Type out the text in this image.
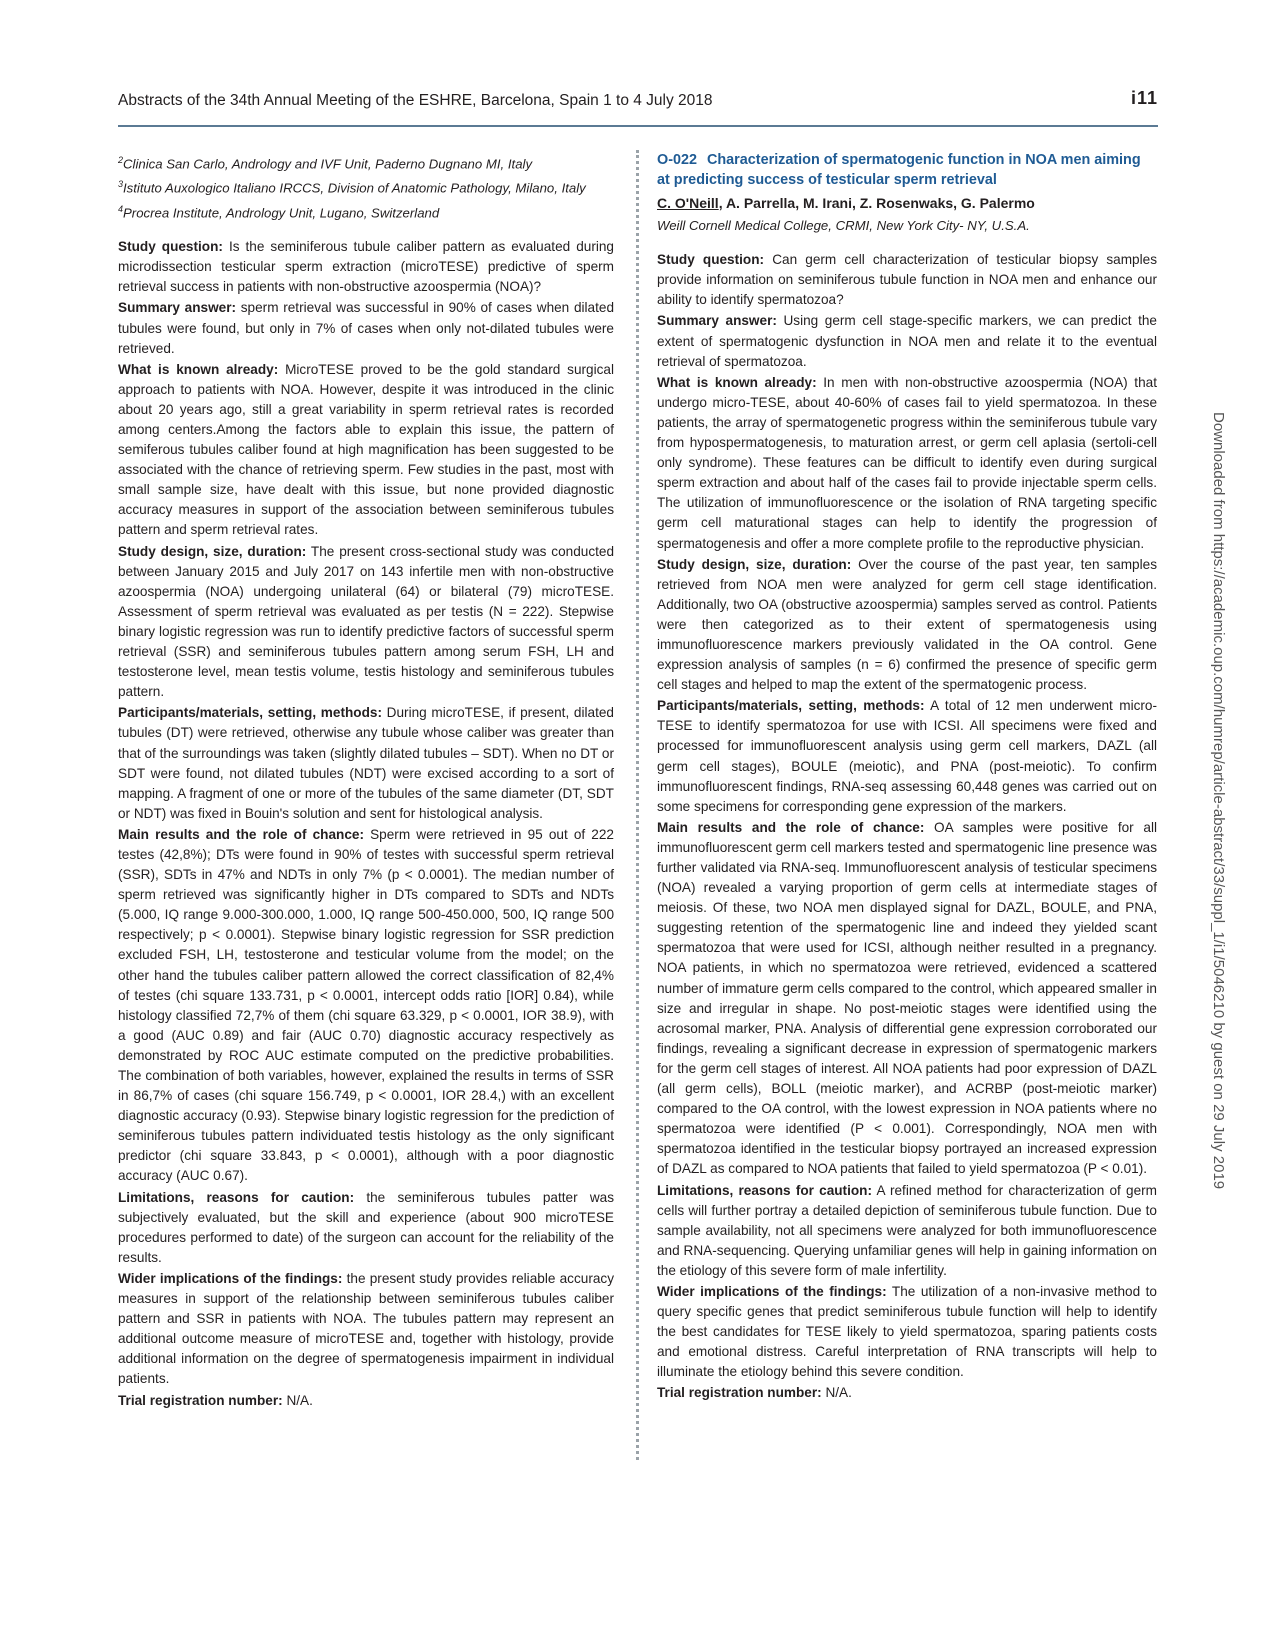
Abstracts of the 34th Annual Meeting of the ESHRE, Barcelona, Spain 1 to 4 July 2018	i11

$^2$Clinica San Carlo, Andrology and IVF Unit, Paderno Dugnano MI, Italy

$^3$Istituto Auxologico Italiano IRCCS, Division of Anatomic Pathology, Milano, Italy

$^4$Procrea Institute, Andrology Unit, Lugano, Switzerland

Study question: Is the seminiferous tubule caliber pattern as evaluated during microdissection testicular sperm extraction (microTESE) predictive of sperm retrieval success in patients with non-obstructive azoospermia (NOA)?

Summary answer: sperm retrieval was successful in 90% of cases when dilated tubules were found, but only in 7% of cases when only not-dilated tubules were retrieved.

What is known already: MicroTESE proved to be the gold standard surgical approach to patients with NOA. However, despite it was introduced in the clinic about 20 years ago, still a great variability in sperm retrieval rates is recorded among centers.Among the factors able to explain this issue, the pattern of semiferous tubules caliber found at high magnification has been suggested to be associated with the chance of retrieving sperm. Few studies in the past, most with small sample size, have dealt with this issue, but none provided diagnostic accuracy measures in support of the association between seminiferous tubules pattern and sperm retrieval rates.

Study design, size, duration: The present cross-sectional study was conducted between January 2015 and July 2017 on 143 infertile men with non-obstructive azoospermia (NOA) undergoing unilateral (64) or bilateral (79) microTESE. Assessment of sperm retrieval was evaluated as per testis (N = 222). Stepwise binary logistic regression was run to identify predictive factors of successful sperm retrieval (SSR) and seminiferous tubules pattern among serum FSH, LH and testosterone level, mean testis volume, testis histology and seminiferous tubules pattern.

Participants/materials, setting, methods: During microTESE, if present, dilated tubules (DT) were retrieved, otherwise any tubule whose caliber was greater than that of the surroundings was taken (slightly dilated tubules – SDT). When no DT or SDT were found, not dilated tubules (NDT) were excised according to a sort of mapping. A fragment of one or more of the tubules of the same diameter (DT, SDT or NDT) was fixed in Bouin's solution and sent for histological analysis.

Main results and the role of chance: Sperm were retrieved in 95 out of 222 testes (42,8%); DTs were found in 90% of testes with successful sperm retrieval (SSR), SDTs in 47% and NDTs in only 7% (p < 0.0001). The median number of sperm retrieved was significantly higher in DTs compared to SDTs and NDTs (5.000, IQ range 9.000-300.000, 1.000, IQ range 500-450.000, 500, IQ range 500 respectively; p < 0.0001). Stepwise binary logistic regression for SSR prediction excluded FSH, LH, testosterone and testicular volume from the model; on the other hand the tubules caliber pattern allowed the correct classification of 82,4% of testes (chi square 133.731, p < 0.0001, intercept odds ratio [IOR] 0.84), while histology classified 72,7% of them (chi square 63.329, p < 0.0001, IOR 38.9), with a good (AUC 0.89) and fair (AUC 0.70) diagnostic accuracy respectively as demonstrated by ROC AUC estimate computed on the predictive probabilities. The combination of both variables, however, explained the results in terms of SSR in 86,7% of cases (chi square 156.749, p < 0.0001, IOR 28.4,) with an excellent diagnostic accuracy (0.93). Stepwise binary logistic regression for the prediction of seminiferous tubules pattern individuated testis histology as the only significant predictor (chi square 33.843, p < 0.0001), although with a poor diagnostic accuracy (AUC 0.67).

Limitations, reasons for caution: the seminiferous tubules patter was subjectively evaluated, but the skill and experience (about 900 microTESE procedures performed to date) of the surgeon can account for the reliability of the results.

Wider implications of the findings: the present study provides reliable accuracy measures in support of the relationship between seminiferous tubules caliber pattern and SSR in patients with NOA. The tubules pattern may represent an additional outcome measure of microTESE and, together with histology, provide additional information on the degree of spermatogenesis impairment in individual patients.

Trial registration number: N/A.

O-022 Characterization of spermatogenic function in NOA men aiming at predicting success of testicular sperm retrieval

C. O'Neill, A. Parrella, M. Irani, Z. Rosenwaks, G. Palermo

Weill Cornell Medical College, CRMI, New York City- NY, U.S.A.

Study question: Can germ cell characterization of testicular biopsy samples provide information on seminiferous tubule function in NOA men and enhance our ability to identify spermatozoa?

Summary answer: Using germ cell stage-specific markers, we can predict the extent of spermatogenic dysfunction in NOA men and relate it to the eventual retrieval of spermatozoa.

What is known already: In men with non-obstructive azoospermia (NOA) that undergo micro-TESE, about 40-60% of cases fail to yield spermatozoa. In these patients, the array of spermatogenetic progress within the seminiferous tubule vary from hypospermatogenesis, to maturation arrest, or germ cell aplasia (sertoli-cell only syndrome). These features can be difficult to identify even during surgical sperm extraction and about half of the cases fail to provide injectable sperm cells. The utilization of immunofluorescence or the isolation of RNA targeting specific germ cell maturational stages can help to identify the progression of spermatogenesis and offer a more complete profile to the reproductive physician.

Study design, size, duration: Over the course of the past year, ten samples retrieved from NOA men were analyzed for germ cell stage identification. Additionally, two OA (obstructive azoospermia) samples served as control. Patients were then categorized as to their extent of spermatogenesis using immunofluorescence markers previously validated in the OA control. Gene expression analysis of samples (n = 6) confirmed the presence of specific germ cell stages and helped to map the extent of the spermatogenic process.

Participants/materials, setting, methods: A total of 12 men underwent micro-TESE to identify spermatozoa for use with ICSI. All specimens were fixed and processed for immunofluorescent analysis using germ cell markers, DAZL (all germ cell stages), BOULE (meiotic), and PNA (post-meiotic). To confirm immunofluorescent findings, RNA-seq assessing 60,448 genes was carried out on some specimens for corresponding gene expression of the markers.

Main results and the role of chance: OA samples were positive for all immunofluorescent germ cell markers tested and spermatogenic line presence was further validated via RNA-seq. Immunofluorescent analysis of testicular specimens (NOA) revealed a varying proportion of germ cells at intermediate stages of meiosis. Of these, two NOA men displayed signal for DAZL, BOULE, and PNA, suggesting retention of the spermatogenic line and indeed they yielded scant spermatozoa that were used for ICSI, although neither resulted in a pregnancy. NOA patients, in which no spermatozoa were retrieved, evidenced a scattered number of immature germ cells compared to the control, which appeared smaller in size and irregular in shape. No post-meiotic stages were identified using the acrosomal marker, PNA. Analysis of differential gene expression corroborated our findings, revealing a significant decrease in expression of spermatogenic markers for the germ cell stages of interest. All NOA patients had poor expression of DAZL (all germ cells), BOLL (meiotic marker), and ACRBP (post-meiotic marker) compared to the OA control, with the lowest expression in NOA patients where no spermatozoa were identified (P < 0.001). Correspondingly, NOA men with spermatozoa identified in the testicular biopsy portrayed an increased expression of DAZL as compared to NOA patients that failed to yield spermatozoa (P < 0.01).

Limitations, reasons for caution: A refined method for characterization of germ cells will further portray a detailed depiction of seminiferous tubule function. Due to sample availability, not all specimens were analyzed for both immunofluorescence and RNA-sequencing. Querying unfamiliar genes will help in gaining information on the etiology of this severe form of male infertility.

Wider implications of the findings: The utilization of a non-invasive method to query specific genes that predict seminiferous tubule function will help to identify the best candidates for TESE likely to yield spermatozoa, sparing patients costs and emotional distress. Careful interpretation of RNA transcripts will help to illuminate the etiology behind this severe condition.

Trial registration number: N/A.

Downloaded from https://academic.oup.com/humrep/article-abstract/33/suppl_1/i1/5046210 by guest on 29 July 2019
